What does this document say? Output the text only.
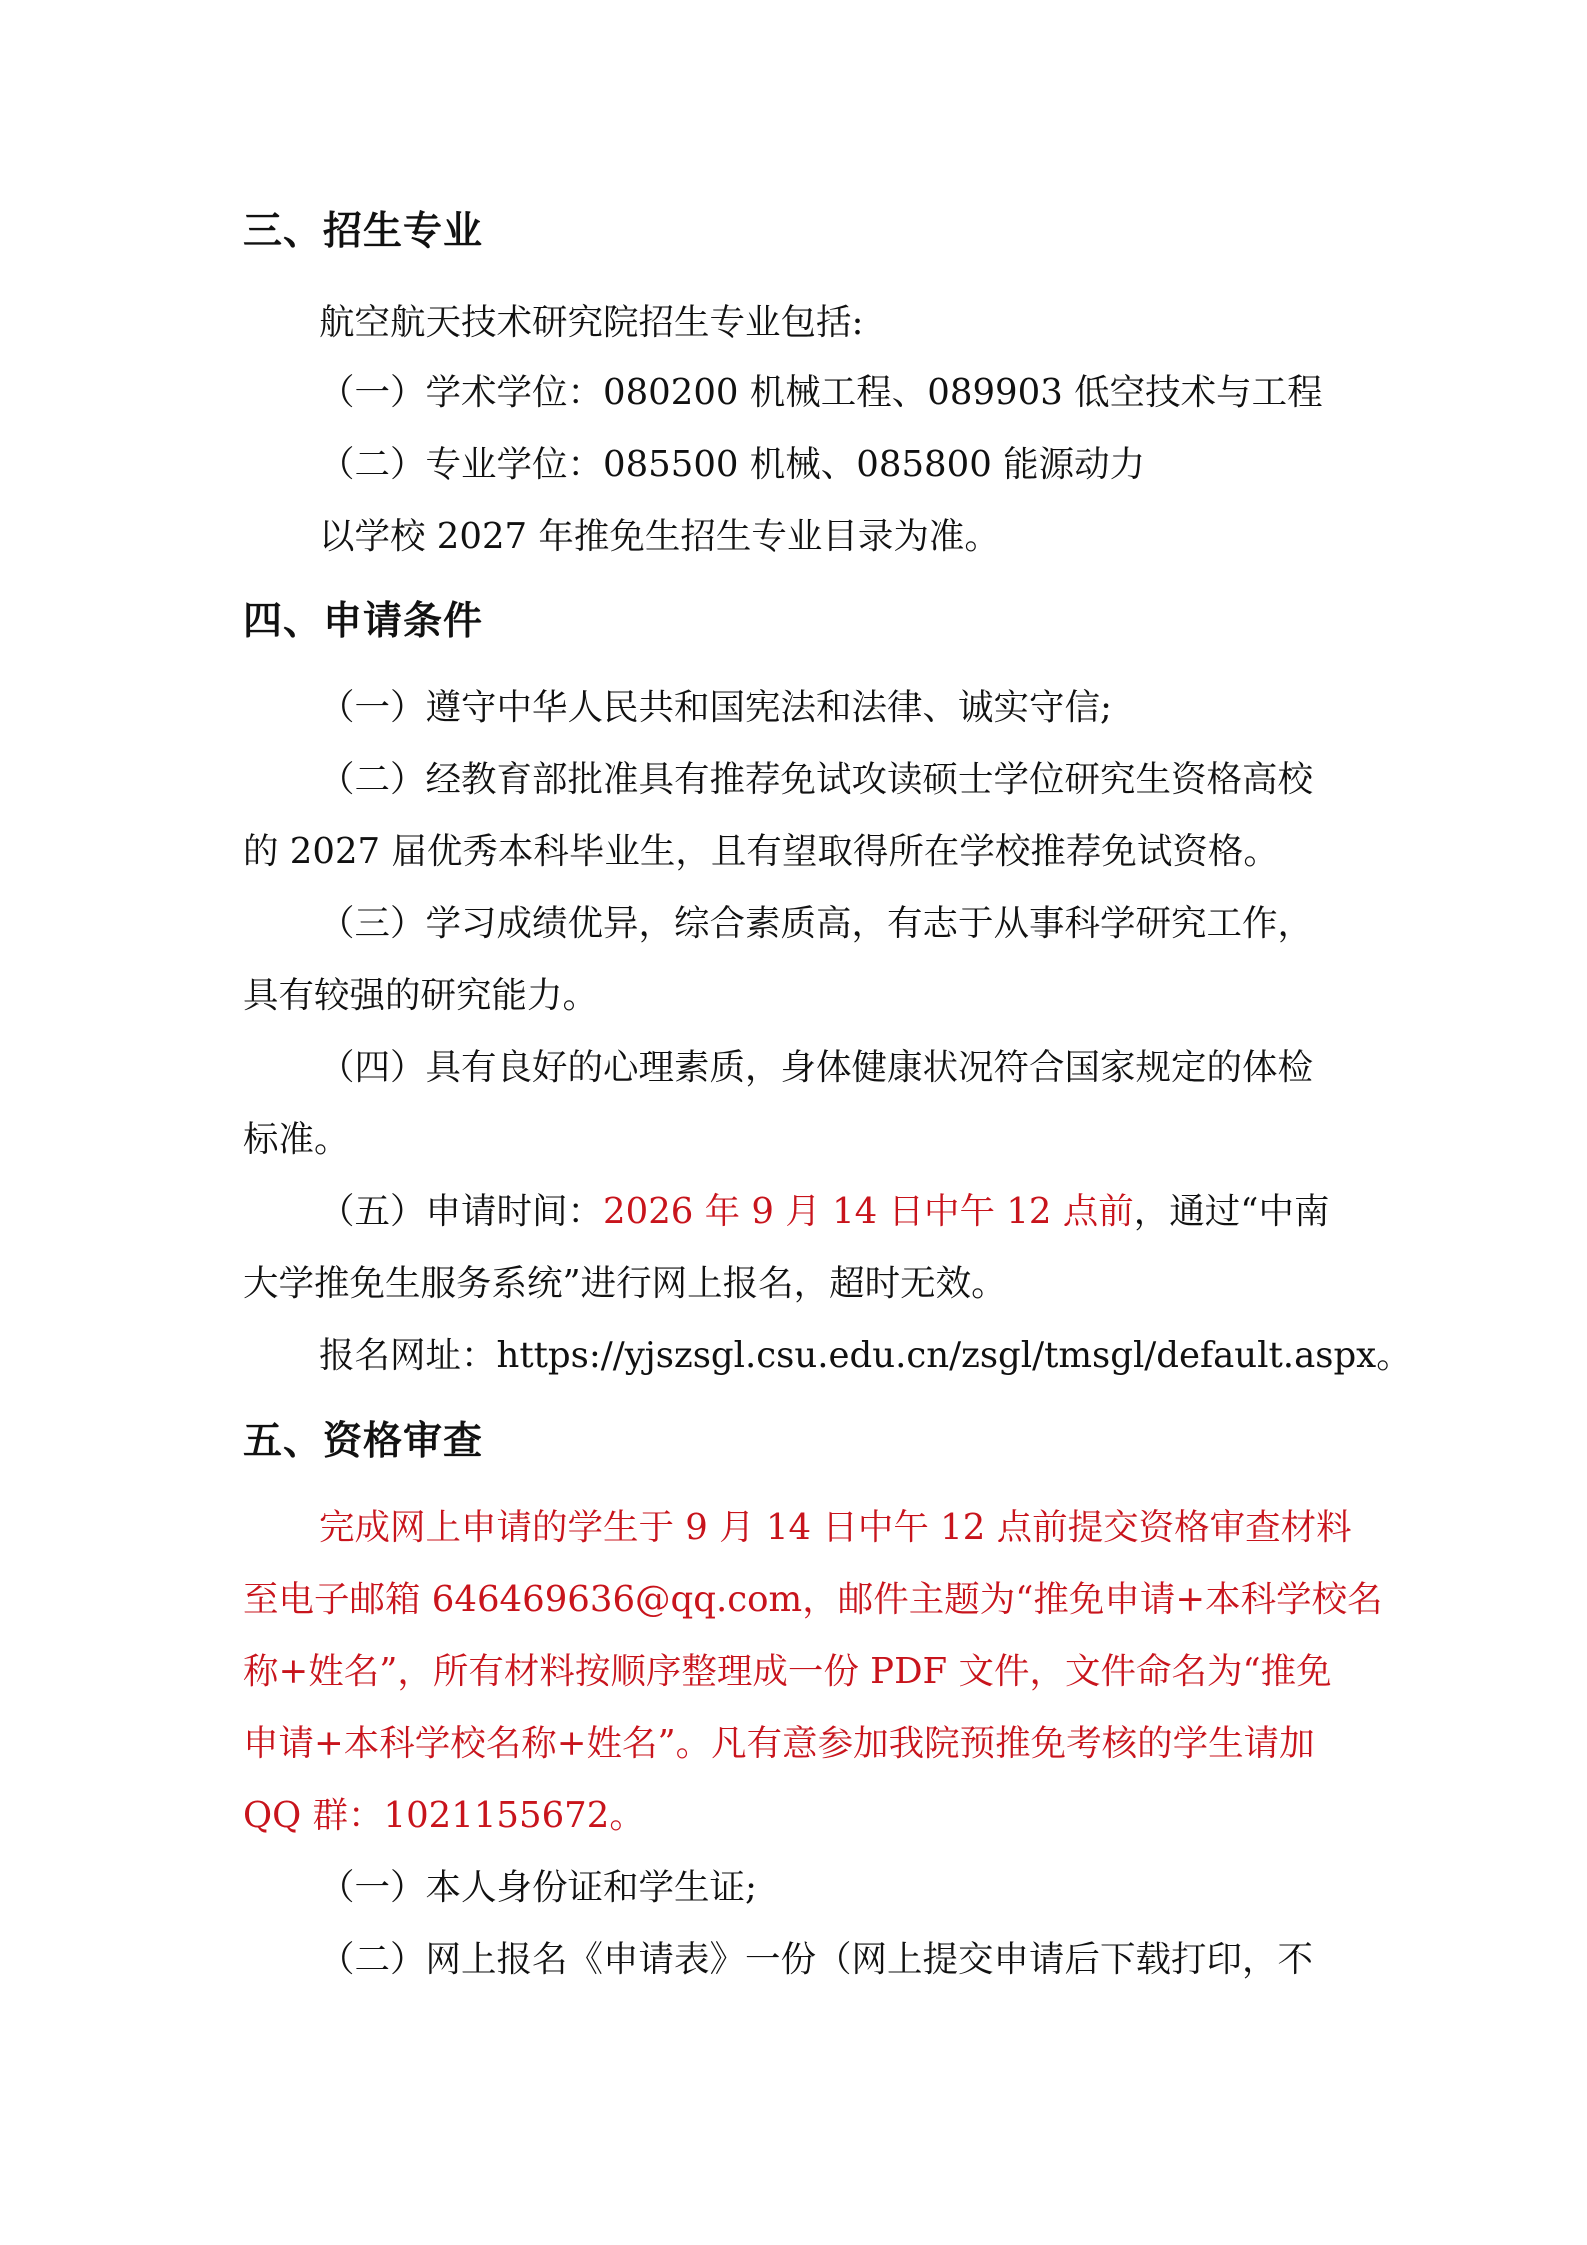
三、招生专业

航空航天技术研究院招生专业包括:

（一）学术学位：080200 机械工程、089903 低空技术与工程

（二）专业学位：085500 机械、085800 能源动力

以学校 2027 年推免生招生专业目录为准。

四、申请条件

（一）遵守中华人民共和国宪法和法律、诚实守信;

（二）经教育部批准具有推荐免试攻读硕士学位研究生资格高校

的 2027 届优秀本科毕业生，且有望取得所在学校推荐免试资格。

（三）学习成绩优异，综合素质高，有志于从事科学研究工作，

具有较强的研究能力。

（四）具有良好的心理素质，身体健康状况符合国家规定的体检

标准。

（五）申请时间：2026 年 9 月 14 日中午 12 点前，通过“中南

大学推免生服务系统”进行网上报名，超时无效。

报名网址：https://yjszsgl.csu.edu.cn/zsgl/tmsgl/default.aspx。

五、资格审查

完成网上申请的学生于 9 月 14 日中午 12 点前提交资格审查材料

至电子邮箱 646469636@qq.com，邮件主题为“推免申请+本科学校名

称+姓名”，所有材料按顺序整理成一份 PDF 文件，文件命名为“推免

申请+本科学校名称+姓名”。凡有意参加我院预推免考核的学生请加

QQ 群：1021155672。

（一）本人身份证和学生证;

（二）网上报名《申请表》一份（网上提交申请后下载打印，不
